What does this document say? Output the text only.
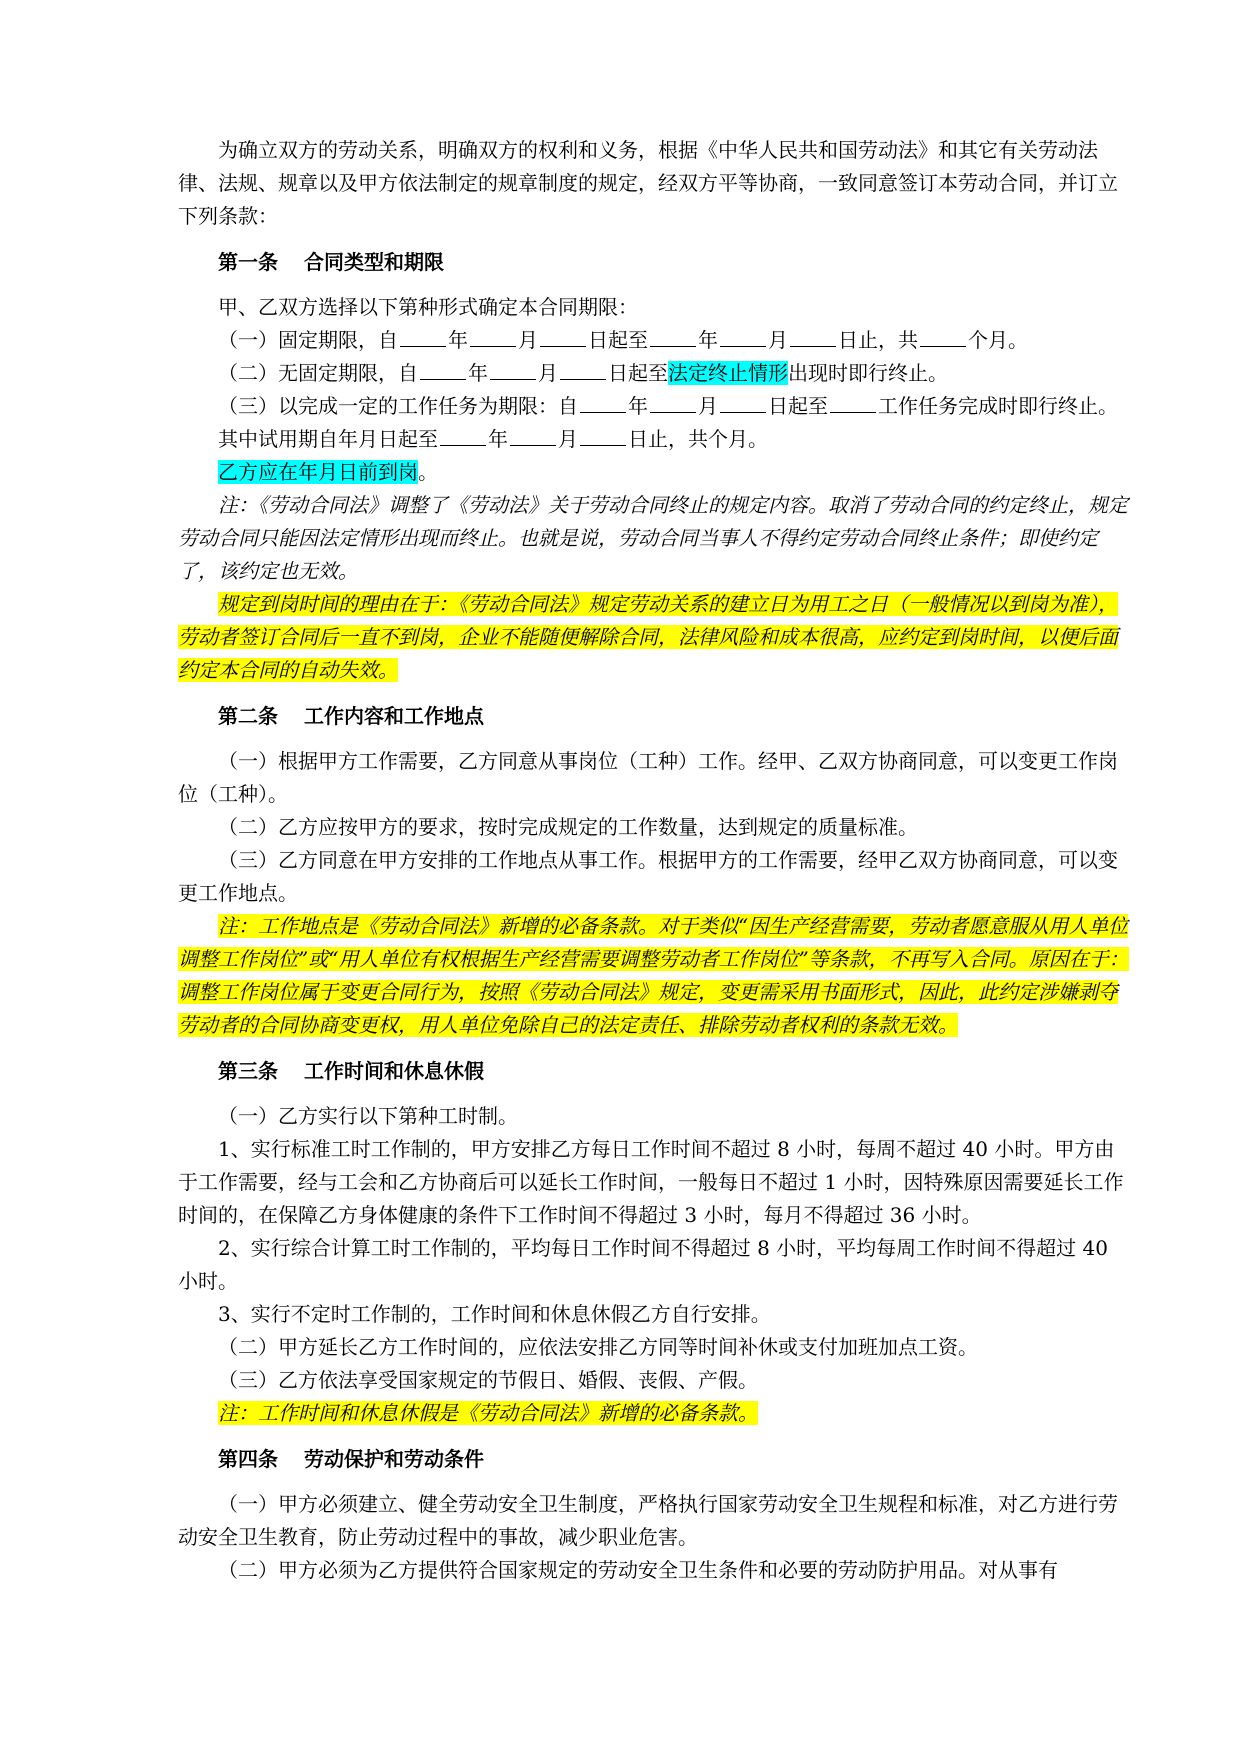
为确立双方的劳动关系，明确双方的权利和义务，根据《中华人民共和国劳动法》和其它有关劳动法律、法规、规章以及甲方依法制定的规章制度的规定，经双方平等协商，一致同意签订本劳动合同，并订立下列条款：

第一条 合同类型和期限

甲、乙双方选择以下第种形式确定本合同期限：

（一）固定期限，自	年	月	日起至	年	月	日止，共	个月。

（二）无固定期限，自	年	月	日起至法定终止情形出现时即行终止。

（三）以完成一定的工作任务为期限：自	年	月	日起至	工作任务完成时即行终止。

其中试用期自年月日起至	年	月	日止，共个月。

乙方应在年月日前到岗。

注：《劳动合同法》调整了《劳动法》关于劳动合同终止的规定内容。取消了劳动合同的约定终止，规定劳动合同只能因法定情形出现而终止。也就是说，劳动合同当事人不得约定劳动合同终止条件；即使约定了，该约定也无效。

规定到岗时间的理由在于：《劳动合同法》规定劳动关系的建立日为用工之日（一般情况以到岗为准），劳动者签订合同后一直不到岗，企业不能随便解除合同，法律风险和成本很高，应约定到岗时间，以便后面约定本合同的自动失效。

第二条 工作内容和工作地点

（一）根据甲方工作需要，乙方同意从事岗位（工种）工作。经甲、乙双方协商同意，可以变更工作岗位（工种）。

（二）乙方应按甲方的要求，按时完成规定的工作数量，达到规定的质量标准。

（三）乙方同意在甲方安排的工作地点从事工作。根据甲方的工作需要，经甲乙双方协商同意，可以变更工作地点。

注：工作地点是《劳动合同法》新增的必备条款。对于类似“因生产经营需要，劳动者愿意服从用人单位调整工作岗位”或“用人单位有权根据生产经营需要调整劳动者工作岗位”等条款，不再写入合同。原因在于：调整工作岗位属于变更合同行为，按照《劳动合同法》规定，变更需采用书面形式，因此，此约定涉嫌剥夺劳动者的合同协商变更权，用人单位免除自己的法定责任、排除劳动者权利的条款无效。

第三条 工作时间和休息休假

（一）乙方实行以下第种工时制。

1、实行标准工时工作制的，甲方安排乙方每日工作时间不超过 8 小时，每周不超过 40 小时。甲方由于工作需要，经与工会和乙方协商后可以延长工作时间，一般每日不超过 1 小时，因特殊原因需要延长工作时间的，在保障乙方身体健康的条件下工作时间不得超过 3 小时，每月不得超过 36 小时。

2、实行综合计算工时工作制的，平均每日工作时间不得超过 8 小时，平均每周工作时间不得超过 40 小时。

3、实行不定时工作制的，工作时间和休息休假乙方自行安排。

（二）甲方延长乙方工作时间的，应依法安排乙方同等时间补休或支付加班加点工资。

（三）乙方依法享受国家规定的节假日、婚假、丧假、产假。

注：工作时间和休息休假是《劳动合同法》新增的必备条款。

第四条 劳动保护和劳动条件

（一）甲方必须建立、健全劳动安全卫生制度，严格执行国家劳动安全卫生规程和标准，对乙方进行劳动安全卫生教育，防止劳动过程中的事故，减少职业危害。

（二）甲方必须为乙方提供符合国家规定的劳动安全卫生条件和必要的劳动防护用品。对从事有
